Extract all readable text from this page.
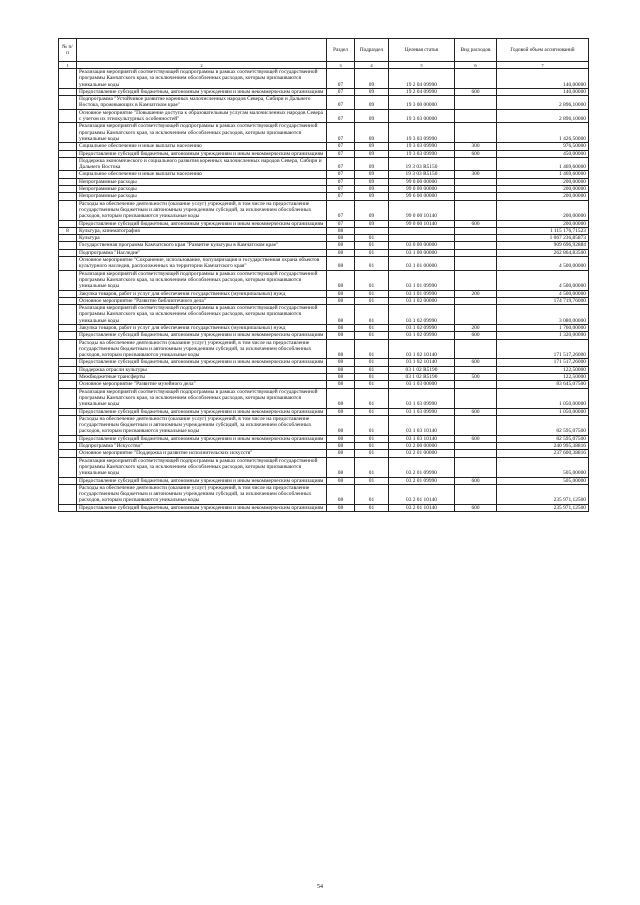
№ п/п		Раздел	Подраздел	Целевая статья	Вид расходов	Годовой объем ассигнований
1	2	3	4	5	6	7
	Реализация мероприятий соответствующей подпрограммы в рамках соответствующей государственной программы Камчатского края, за исключением обособленных расходов, которым присваиваются уникальные коды	07	09	19 2 04 09990		140,00000
	Предоставление субсидий бюджетным, автономным учреждениям и иным некоммерческим организациям	07	09	19 2 04 09990	600	140,00000
	Подпрограмма "Устойчивое развитие коренных малочисленных народов Севера, Сибири и Дальнего Востока, проживающих в Камчатском крае"	07	09	19 3 00 00000		2 896,10000
	Основное мероприятие "Повышение доступа к образовательным услугам малочисленных народов Севера с учетом их этнокультурных особенностей"	07	09	19 3 03 00000		2 896,10000
	Реализация мероприятий соответствующей подпрограммы в рамках соответствующей государственной программы Камчатского края, за исключением обособленных расходов, которым присваиваются уникальные коды	07	09	19 3 03 09990		1 426,50000
	Социальное обеспечение и иные выплаты населению	07	09	19 3 03 09990	300	976,50000
	Предоставление субсидий бюджетным, автономным учреждениям и иным некоммерческим организациям	07	09	19 3 03 09990	600	450,00000
	Поддержка экономического и социального развития коренных малочисленных народов Севера, Сибири и Дальнего Востока	07	09	19 3 03 R5150		1 469,60000
	Социальное обеспечение и иные выплаты населению	07	09	19 3 03 R5150	300	1 469,60000
	Непрограммные расходы	07	09	99 0 00 00000		200,00000
	Непрограммные расходы	07	09	99 0 00 00000		200,00000
	Непрограммные расходы	07	09	99 6 00 00000		200,00000
	Расходы на обеспечение деятельности (оказание услуг) учреждений, в том числе на предоставление государственным бюджетным и автономным учреждениям субсидий, за исключением обособленных расходов, которым присваиваются уникальные коды	07	09	99 0 00 10140		200,00000
	Предоставление субсидий бюджетным, автономным учреждениям и иным некоммерческим организациям	07	09	99 0 00 10140	600	200,00000
8	Культура, кинематография	08				1 115 176,71523
	Культура	08	01			1 067 236,85873
	Государственная программа Камчатского края "Развитие культуры в Камчатском крае"	08	01	03 0 00 00000		909 696,92884
	Подпрограмма "Наследие"	08	01	03 1 00 00000		262 864,83500
	Основное мероприятие "Сохранение, использование, популяризация и государственная охрана объектов культурного наследия, расположенных на территории Камчатского края"	08	01	03 1 01 00000		4 500,00000
	Реализация мероприятий соответствующей подпрограммы в рамках соответствующей государственной программы Камчатского края, за исключением обособленных расходов, которым присваиваются уникальные коды	08	01	03 1 01 09990		4 500,00000
	Закупка товаров, работ и услуг для обеспечения государственных (муниципальных) нужд	08	01	03 1 01 09990	200	4 500,00000
	Основное мероприятие "Развитие библиотечного дела"	08	01	03 1 02 00000		174 719,76000
	Реализация мероприятий соответствующей подпрограммы в рамках соответствующей государственной программы Камчатского края, за исключением обособленных расходов, которым присваиваются уникальные коды	08	01	03 1 02 09990		3 080,00000
	Закупка товаров, работ и услуг для обеспечения государственных (муниципальных) нужд	08	01	03 1 02 09990	200	1 760,00000
	Предоставление субсидий бюджетным, автономным учреждениям и иным некоммерческим организациям	08	01	03 1 02 09990	600	1 320,00000
	Расходы на обеспечение деятельности (оказание услуг) учреждений, в том числе на предоставление государственным бюджетным и автономным учреждениям субсидий, за исключением обособленных расходов, которым присваиваются уникальные коды	08	01	03 1 02 10140		171 517,26000
	Предоставление субсидий бюджетным, автономным учреждениям и иным некоммерческим организациям	08	01	03 1 02 10140	600	171 517,26000
	Поддержка отрасли культуры	08	01	03 1 02 R5190		122,50000
	Межбюджетные трансферты	08	01	03 1 02 R5190	500	122,50000
	Основное мероприятие "Развитие музейного дела"	08	01	03 1 03 00000		83 645,07500
	Реализация мероприятий соответствующей подпрограммы в рамках соответствующей государственной программы Камчатского края, за исключением обособленных расходов, которым присваиваются уникальные коды	08	01	03 1 03 09990		1 050,00000
	Предоставление субсидий бюджетным, автономным учреждениям и иным некоммерческим организациям	08	01	03 1 03 09990	600	1 050,00000
	Расходы на обеспечение деятельности (оказание услуг) учреждений, в том числе на предоставление государственным бюджетным и автономным учреждениям субсидий, за исключением обособленных расходов, которым присваиваются уникальные коды	08	01	03 1 03 10140		82 595,07500
	Предоставление субсидий бюджетным, автономным учреждениям и иным некоммерческим организациям	08	01	03 1 03 10140	600	82 595,07500
	Подпрограмма "Искусство"	08	01	03 2 00 00000		240 995,38816
	Основное мероприятие "Поддержка и развитие исполнительских искусств"	08	01	03 2 01 00000		237 600,38816
	Реализация мероприятий соответствующей подпрограммы в рамках соответствующей государственной программы Камчатского края, за исключением обособленных расходов, которым присваиваются уникальные коды	08	01	03 2 01 09990		505,00000
	Предоставление субсидий бюджетным, автономным учреждениям и иным некоммерческим организациям	08	01	03 2 01 09990	600	505,00000
	Расходы на обеспечение деятельности (оказание услуг) учреждений, в том числе на предоставление государственным бюджетным и автономным учреждениям субсидий, за исключением обособленных расходов, которым присваиваются уникальные коды	08	01	03 2 01 10140		235 971,12500
	Предоставление субсидий бюджетным, автономным учреждениям и иным некоммерческим организациям	08	01	03 2 01 10140	600	235 971,12500
54
